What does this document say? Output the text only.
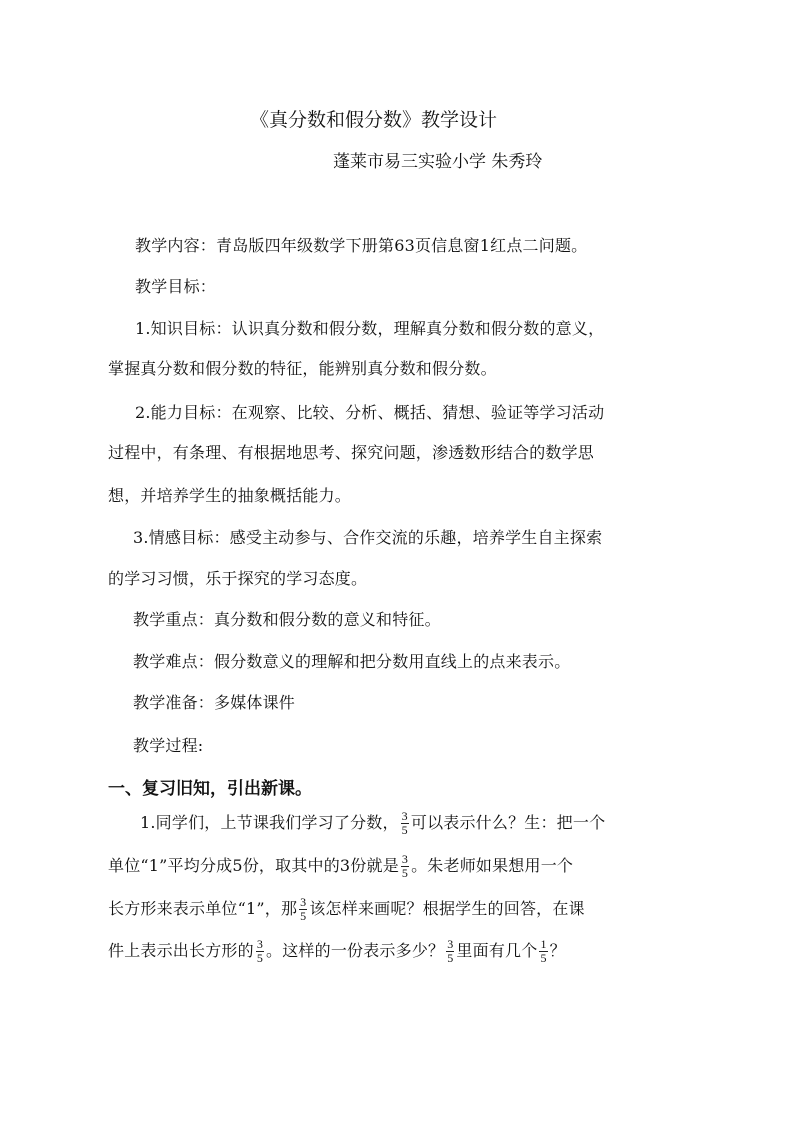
《真分数和假分数》教学设计
蓬莱市易三实验小学 朱秀玲
教学内容：青岛版四年级数学下册第63页信息窗1红点二问题。
教学目标：
1.知识目标：认识真分数和假分数，理解真分数和假分数的意义，
掌握真分数和假分数的特征，能辨别真分数和假分数。
2.能力目标：在观察、比较、分析、概括、猜想、验证等学习活动
过程中，有条理、有根据地思考、探究问题，渗透数形结合的数学思
想，并培养学生的抽象概括能力。
3.情感目标：感受主动参与、合作交流的乐趣，培养学生自主探索
的学习习惯，乐于探究的学习态度。
教学重点：真分数和假分数的意义和特征。
教学难点：假分数意义的理解和把分数用直线上的点来表示。
教学准备：多媒体课件
教学过程:
一、复习旧知，引出新课。
1.同学们，上节课我们学习了分数， $\frac{3}{5}$ 可以表示什么？生：把一个
单位“1”平均分成5份，取其中的3份就是 $\frac{3}{5}$ 。朱老师如果想用一个
长方形来表示单位“1”，那 $\frac{3}{5}$ 该怎样来画呢？根据学生的回答，在课
件上表示出长方形的 $\frac{3}{5}$ 。这样的一份表示多少？ $\frac{3}{5}$ 里面有几个 $\frac{1}{5}$ ？
